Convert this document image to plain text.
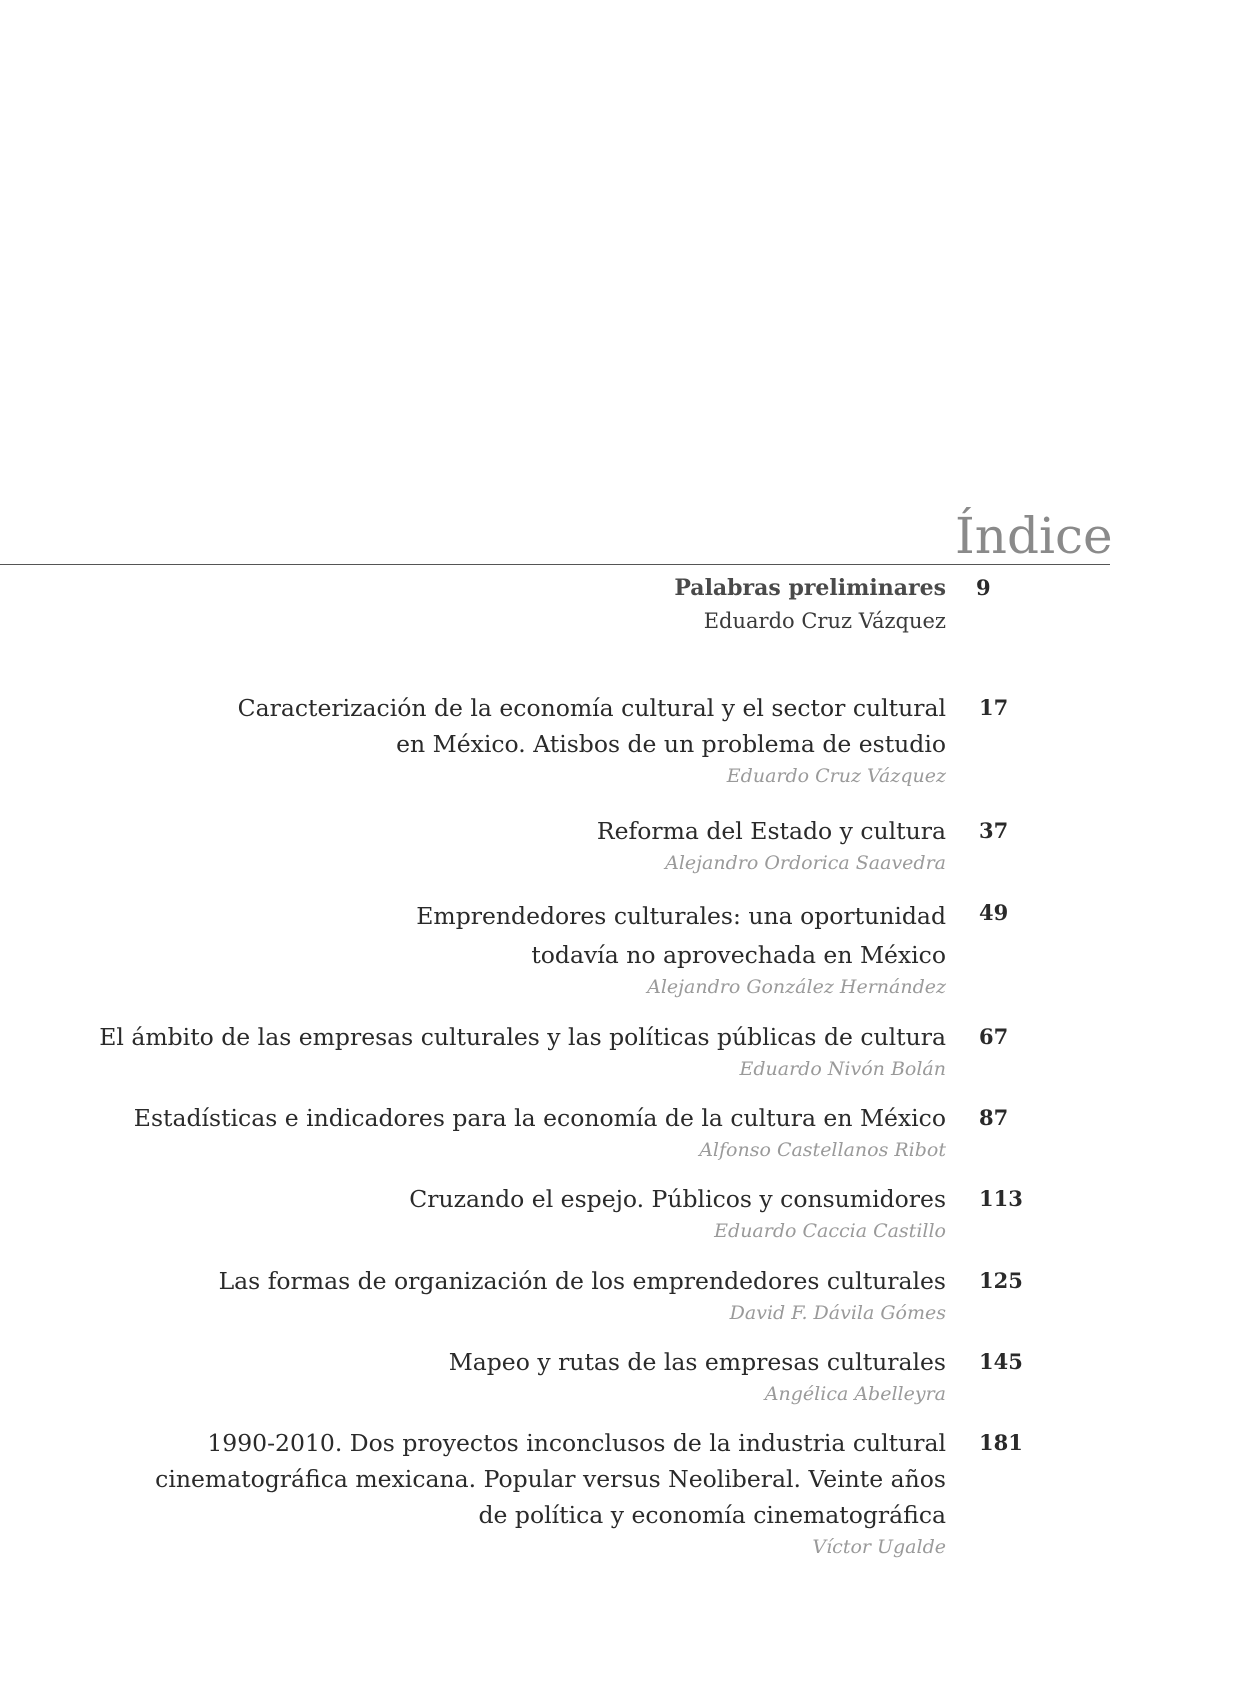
Índice
Palabras preliminares
Eduardo Cruz Vázquez
9
Caracterización de la economía cultural y el sector cultural
en México. Atisbos de un problema de estudio
Eduardo Cruz Vázquez
17
Reforma del Estado y cultura
Alejandro Ordorica Saavedra
37
Emprendedores culturales: una oportunidad
todavía no aprovechada en México
Alejandro González Hernández
49
El ámbito de las empresas culturales y las políticas públicas de cultura
Eduardo Nivón Bolán
67
Estadísticas e indicadores para la economía de la cultura en México
Alfonso Castellanos Ribot
87
Cruzando el espejo. Públicos y consumidores
Eduardo Caccia Castillo
113
Las formas de organización de los emprendedores culturales
David F. Dávila Gómes
125
Mapeo y rutas de las empresas culturales
Angélica Abelleyra
145
1990-2010. Dos proyectos inconclusos de la industria cultural
cinematográfica mexicana. Popular versus Neoliberal. Veinte años
de política y economía cinematográfica
Víctor Ugalde
181
